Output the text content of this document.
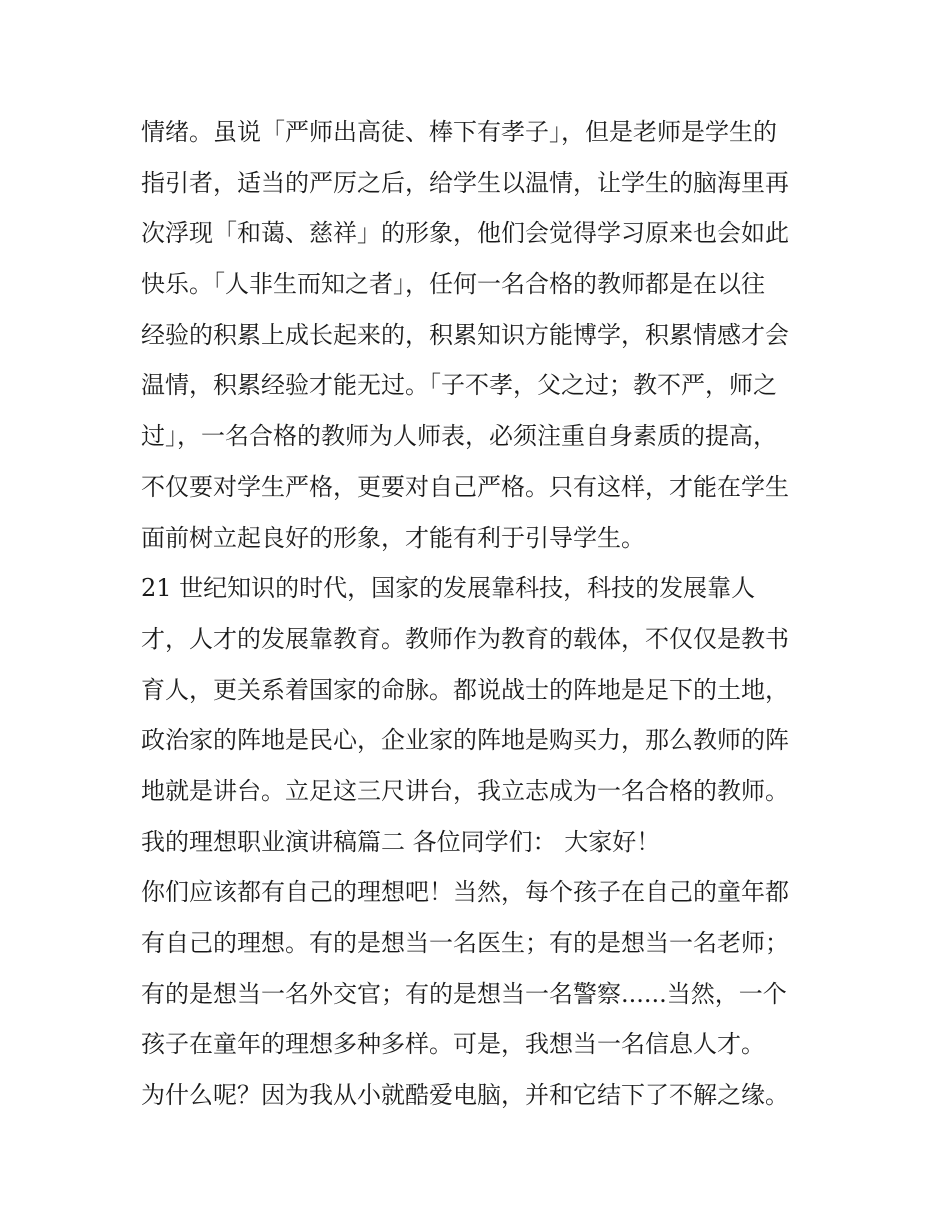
情绪。虽说「严师出高徒、棒下有孝子」，但是老师是学生的
指引者，适当的严厉之后，给学生以温情，让学生的脑海里再
次浮现「和蔼、慈祥」的形象，他们会觉得学习原来也会如此
快乐。「人非生而知之者」，任何一名合格的教师都是在以往
经验的积累上成长起来的，积累知识方能博学，积累情感才会
温情，积累经验才能无过。「子不孝，父之过；教不严，师之
过」，一名合格的教师为人师表，必须注重自身素质的提高，
不仅要对学生严格，更要对自己严格。只有这样，才能在学生
面前树立起良好的形象，才能有利于引导学生。
21 世纪知识的时代，国家的发展靠科技，科技的发展靠人
才，人才的发展靠教育。教师作为教育的载体，不仅仅是教书
育人，更关系着国家的命脉。都说战士的阵地是足下的土地，
政治家的阵地是民心，企业家的阵地是购买力，那么教师的阵
地就是讲台。立足这三尺讲台，我立志成为一名合格的教师。
我的理想职业演讲稿篇二 各位同学们： 大家好！
你们应该都有自己的理想吧！当然，每个孩子在自己的童年都
有自己的理想。有的是想当一名医生；有的是想当一名老师；
有的是想当一名外交官；有的是想当一名警察......当然，一个
孩子在童年的理想多种多样。可是，我想当一名信息人才。
为什么呢？因为我从小就酷爱电脑，并和它结下了不解之缘。
